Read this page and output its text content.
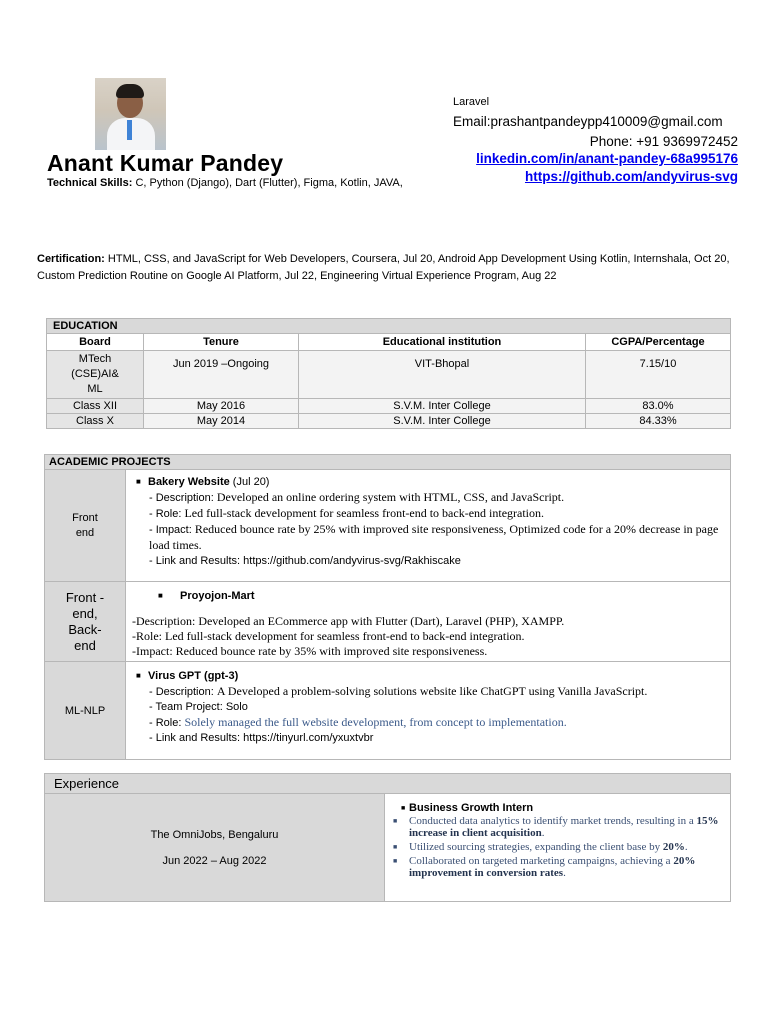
Anant Kumar Pandey
Technical Skills: C, Python (Django), Dart (Flutter), Figma, Kotlin, JAVA,
Laravel
Email:prashantpandeypp410009@gmail.com
Phone: +91 9369972452
linkedin.com/in/anant-pandey-68a995176
https://github.com/andyvirus-svg
Certification: HTML, CSS, and JavaScript for Web Developers, Coursera, Jul 20, Android App Development Using Kotlin, Internshala, Oct 20, Custom Prediction Routine on Google AI Platform, Jul 22, Engineering Virtual Experience Program, Aug 22
EDUCATION			
Board	Tenure	Educational institution	CGPA/Percentage

MTech (CSE)AI& ML	Jun 2019 –Ongoing	VIT-Bhopal	7.15/10
Class XII	May 2016	S.V.M. Inter College	83.0%
Class X	May 2014	S.V.M. Inter College	84.33%
ACADEMIC PROJECTS	

Front end	■ Bakery Website (Jul 20)
- Description: Developed an online ordering system with HTML, CSS, and JavaScript.
- Role: Led full-stack development for seamless front-end to back-end integration.
- Impact: Reduced bounce rate by 25% with improved site responsiveness, Optimized code for a 20% decrease in page load times.
- Link and Results: https://github.com/andyvirus-svg/Rakhiscake

Front -end, Back- end	■ Proyojon-Mart
-Description: Developed an ECommerce app with Flutter (Dart), Laravel (PHP), XAMPP.
-Role: Led full-stack development for seamless front-end to back-end integration.
-Impact: Reduced bounce rate by 35% with improved site responsiveness.

ML-NLP	■ Virus GPT (gpt-3)
- Description: A Developed a problem-solving solutions website like ChatGPT using Vanilla JavaScript.
- Team Project: Solo
- Role: Solely managed the full website development, from concept to implementation.
- Link and Results: https://tinyurl.com/yxuxtvbr
Experience

The OmniJobs, Bengaluru
Jun 2022 – Aug 2022

■ Business Growth Intern
■ Conducted data analytics to identify market trends, resulting in a 15% increase in client acquisition.
■ Utilized sourcing strategies, expanding the client base by 20%.
■ Collaborated on targeted marketing campaigns, achieving a 20% improvement in conversion rates.
